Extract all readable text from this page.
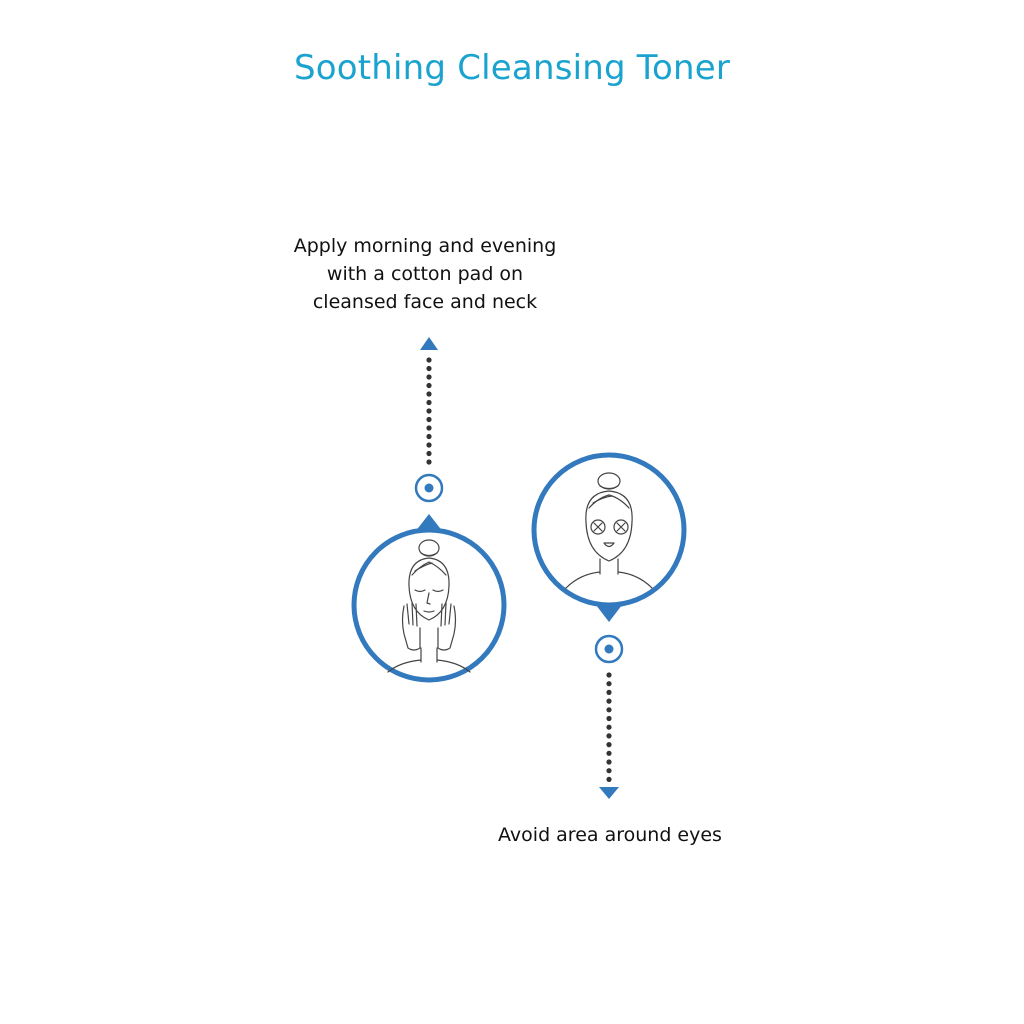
Soothing Cleansing Toner
Apply morning and evening
with a cotton pad on
cleansed face and neck
Avoid area around eyes
